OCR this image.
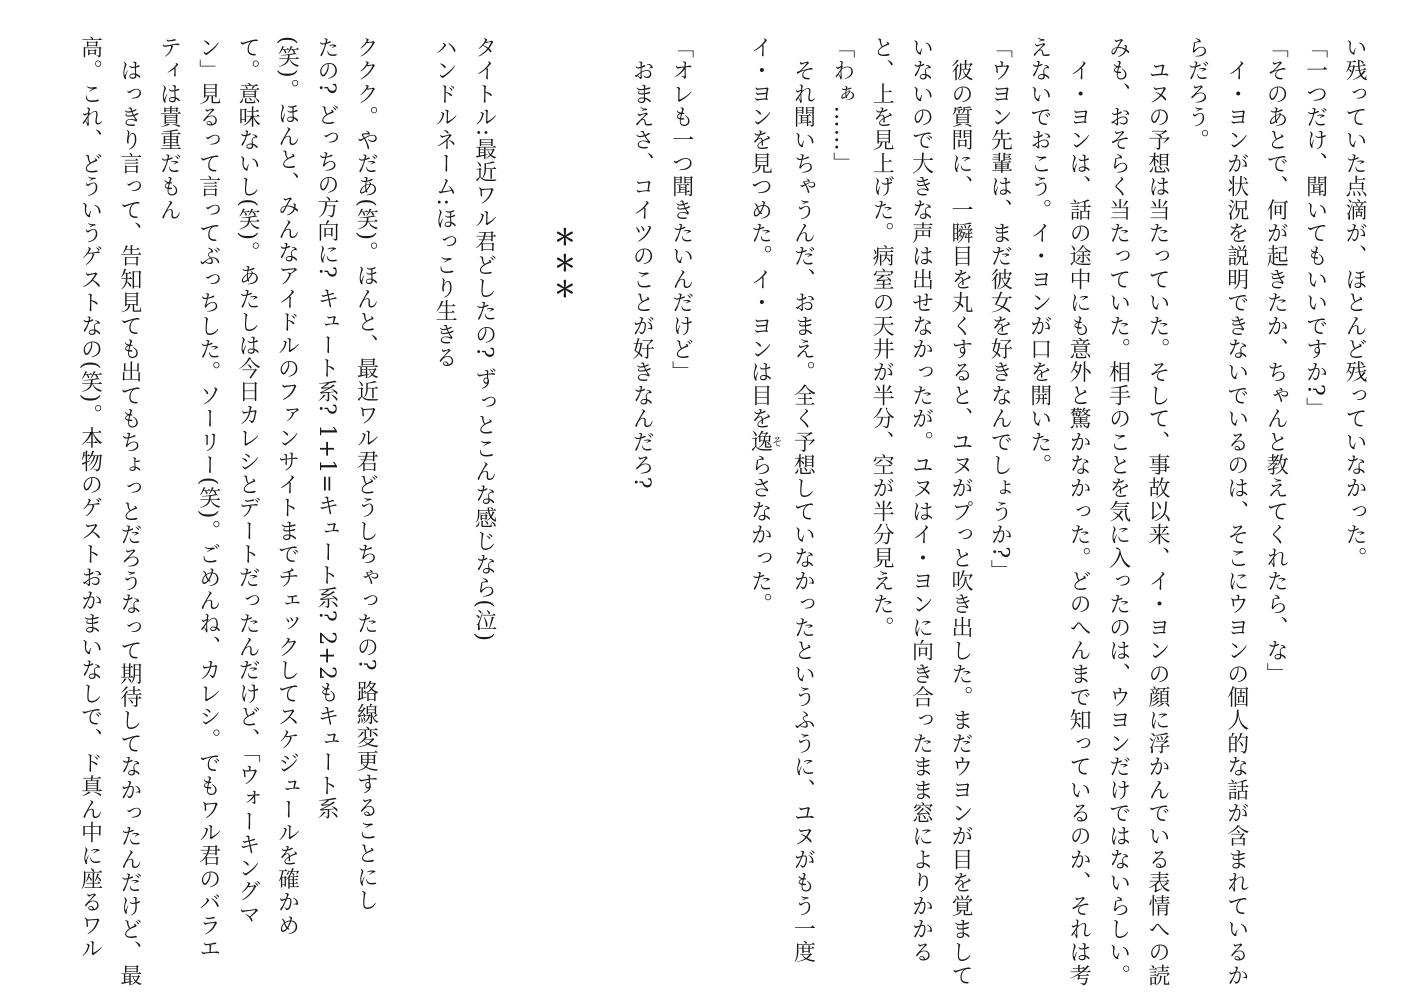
い残っていた点滴が、ほとんど残っていなかった。
「一つだけ、聞いてもいいですか?」
「そのあとで、何が起きたか、ちゃんと教えてくれたら、な」
　イ・ヨンが状況を説明できないでいるのは、そこにウヨンの個人的な話が含まれているか
らだろう。
　ユヌの予想は当たっていた。そして、事故以来、イ・ヨンの顔に浮かんでいる表情への読
みも、おそらく当たっていた。相手のことを気に入ったのは、ウヨンだけではないらしい。
　イ・ヨンは、話の途中にも意外と驚かなかった。どのへんまで知っているのか、それは考
えないでおこう。イ・ヨンが口を開いた。
「ウヨン先輩は、まだ彼女を好きなんでしょうか?」
　彼の質問に、一瞬目を丸くすると、ユヌがプっと吹き出した。まだウヨンが目を覚まして
いないので大きな声は出せなかったが。ユヌはイ・ヨンに向き合ったまま窓によりかかる
と、上を見上げた。病室の天井が半分、空が半分見えた。
「わぁ……」
　それ聞いちゃうんだ、おまえ。全く予想していなかったというふうに、ユヌがもう一度
イ・ヨンを見つめた。イ・ヨンは目を逸そらさなかった。

「オレも一つ聞きたいんだけど」
　おまえさ、コイツのことが好きなんだろ?

＊＊＊

タイトル:最近ワル君どしたの? ずっとこんな感じなら(泣)
ハンドルネーム:ほっこり生きる

ククク。やだあ(笑)。ほんと、最近ワル君どうしちゃったの? 路線変更することにし
たの? どっちの方向に? キュート系? 1+1=キュート系? 2+2もキュート系
(笑)。ほんと、みんなアイドルのファンサイトまでチェックしてスケジュールを確かめ
て。意味ないし(笑)。あたしは今日カレシとデートだったんだけど、「ウォーキングマ
ン」見るって言ってぶっちした。ソーリー(笑)。ごめんね、カレシ。でもワル君のバラエ
ティは貴重だもん
　はっきり言って、告知見ても出てもちょっとだろうなって期待してなかったんだけど、最
高。これ、どういうゲストなの(笑)。本物のゲストおかまいなしで、ド真ん中に座るワル
